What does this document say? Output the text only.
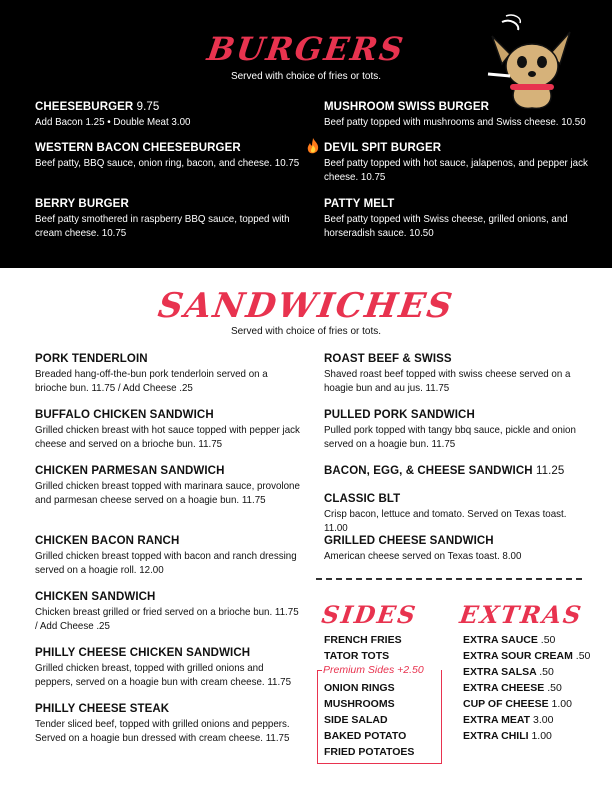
BURGERS
Served with choice of fries or tots.
CHEESEBURGER 9.75
Add Bacon 1.25 • Double Meat 3.00
WESTERN BACON CHEESEBURGER
Beef patty, BBQ sauce, onion ring, bacon, and cheese. 10.75
BERRY BURGER
Beef patty smothered in raspberry BBQ sauce, topped with cream cheese. 10.75
MUSHROOM SWISS BURGER
Beef patty topped with mushrooms and Swiss cheese. 10.50
DEVIL SPIT BURGER
Beef patty topped with hot sauce, jalapenos, and pepper jack cheese. 10.75
PATTY MELT
Beef patty topped with Swiss cheese, grilled onions, and horseradish sauce. 10.50
SANDWICHES
Served with choice of fries or tots.
PORK TENDERLOIN
Breaded hang-off-the-bun pork tenderloin served on a brioche bun. 11.75 / Add Cheese .25
BUFFALO CHICKEN SANDWICH
Grilled chicken breast with hot sauce topped with pepper jack cheese and served on a brioche bun. 11.75
CHICKEN PARMESAN SANDWICH
Grilled chicken breast topped with marinara sauce, provolone and parmesan cheese served on a hoagie bun. 11.75
CHICKEN BACON RANCH
Grilled chicken breast topped with bacon and ranch dressing served on a hoagie roll. 12.00
CHICKEN SANDWICH
Chicken breast grilled or fried served on a brioche bun. 11.75 / Add Cheese .25
PHILLY CHEESE CHICKEN SANDWICH
Grilled chicken breast, topped with grilled onions and peppers, served on a hoagie bun with cream cheese. 11.75
PHILLY CHEESE STEAK
Tender sliced beef, topped with grilled onions and peppers. Served on a hoagie bun dressed with cream cheese. 11.75
ROAST BEEF & SWISS
Shaved roast beef topped with swiss cheese served on a hoagie bun and au jus. 11.75
PULLED PORK SANDWICH
Pulled pork topped with tangy bbq sauce, pickle and onion served on a hoagie bun. 11.75
BACON, EGG, & CHEESE SANDWICH 11.25
CLASSIC BLT
Crisp bacon, lettuce and tomato. Served on Texas toast. 11.00
GRILLED CHEESE SANDWICH
American cheese served on Texas toast. 8.00
SIDES
FRENCH FRIES
TATOR TOTS
Premium Sides +2.50
ONION RINGS
MUSHROOMS
SIDE SALAD
BAKED POTATO
FRIED POTATOES
EXTRAS
EXTRA SAUCE .50
EXTRA SOUR CREAM .50
EXTRA SALSA .50
EXTRA CHEESE .50
CUP OF CHEESE 1.00
EXTRA MEAT 3.00
EXTRA CHILI 1.00
